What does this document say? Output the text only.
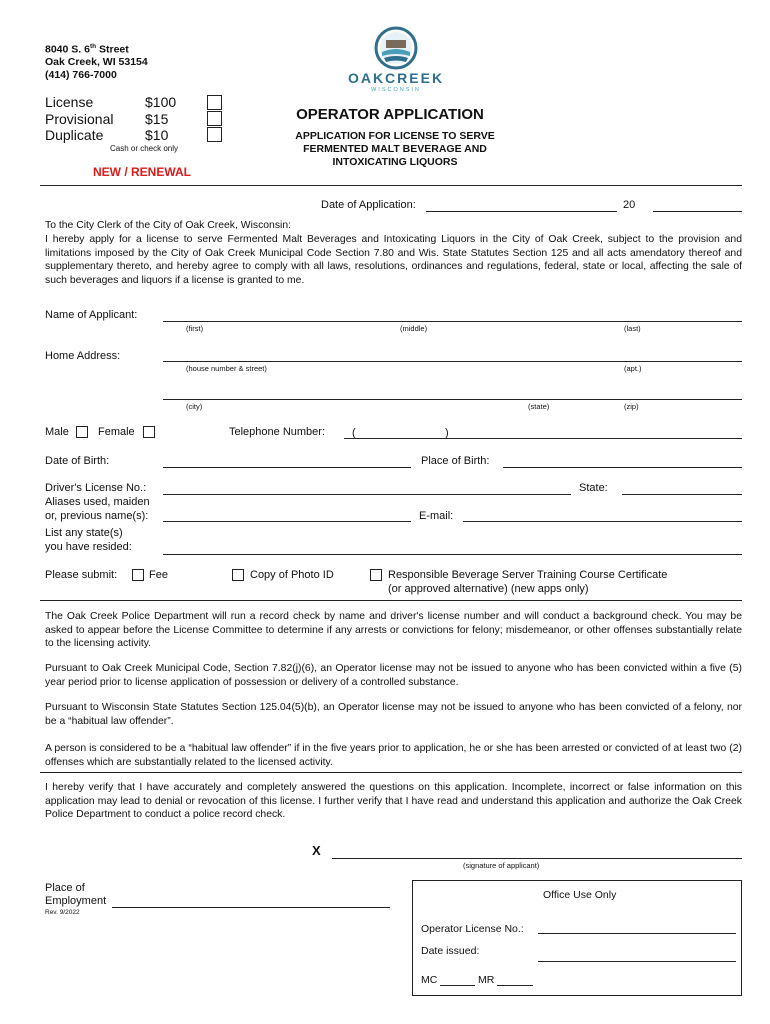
8040 S. 6th Street
Oak Creek, WI 53154
(414) 766-7000	OAKCREEK
WISCONSIN
License	$100
Provisional $15
Duplicate	$10
Cash or check only
NEW / RENEWAL
OPERATOR APPLICATION
APPLICATION FOR LICENSE TO SERVE
FERMENTED MALT BEVERAGE AND
INTOXICATING LIQUORS
Date of Application:	20
To the City Clerk of the City of Oak Creek, Wisconsin:

I hereby apply for a license to serve Fermented Malt Beverages and Intoxicating Liquors in the City of Oak Creek, subject to the provision and limitations imposed by the City of Oak Creek Municipal Code Section 7.80 and Wis. State Statutes Section 125 and all acts amendatory thereof and supplementary thereto, and hereby agree to comply with all laws, resolutions, ordinances and regulations, federal, state or local, affecting the sale of such beverages and liquors if a license is granted to me.

Name of Applicant:
(first)	(middle)	(last)
Home Address:
(house number & street)	(apt.)
(city)	(state)	(zip)
Male	Female	Telephone Number: (	)
Date of Birth:	Place of Birth:
Driver's License No.:	State:
Aliases used, maiden
or, previous name(s):	E-mail:
List any state(s)
you have resided:
Please submit:	Fee	Copy of Photo ID	Responsible Beverage Server Training Course Certificate
(or approved alternative) (new apps only)

The Oak Creek Police Department will run a record check by name and driver's license number and will conduct a background check. You may be asked to appear before the License Committee to determine if any arrests or convictions for felony; misdemeanor, or other offenses substantially relate to the licensing activity.

Pursuant to Oak Creek Municipal Code, Section 7.82(j)(6), an Operator license may not be issued to anyone who has been convicted within a five (5) year period prior to license application of possession or delivery of a controlled substance.

Pursuant to Wisconsin State Statutes Section 125.04(5)(b), an Operator license may not be issued to anyone who has been convicted of a felony, nor be a “habitual law offender”.

A person is considered to be a “habitual law offender” if in the five years prior to application, he or she has been arrested or convicted of at least two (2) offenses which are substantially related to the licensed activity.

I hereby verify that I have accurately and completely answered the questions on this application. Incomplete, incorrect or false information on this application may lead to denial or revocation of this license. I further verify that I have read and understand this application and authorize the Oak Creek Police Department to conduct a police record check.

X
(signature of applicant)
Place of
Employment
Rev. 9/2022
Office Use Only
Operator License No.:
Date issued:
MC	MR
